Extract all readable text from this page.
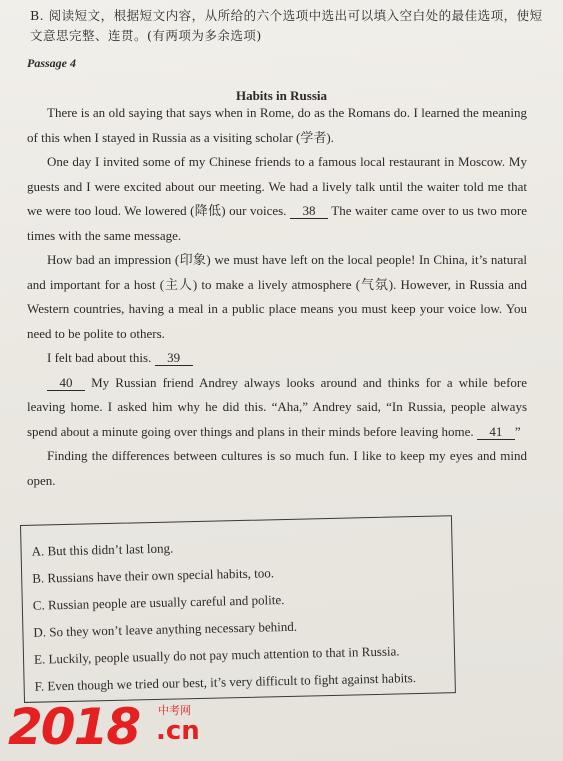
B. 阅读短文，根据短文内容，从所给的六个选项中选出可以填入空白处的最佳选项，使短
文意思完整、连贯。(有两项为多余选项)
Passage 4
Habits in Russia

There is an old saying that says when in Rome, do as the Romans do. I learned the meaning of this when I stayed in Russia as a visiting scholar (学者).

One day I invited some of my Chinese friends to a famous local restaurant in Moscow. My guests and I were excited about our meeting. We had a lively talk until the waiter told me that we were too loud. We lowered (降低) our voices. 38 The waiter came over to us two more times with the same message.

How bad an impression (印象) we must have left on the local people! In China, it’s natural and important for a host (主人) to make a lively atmosphere (气氛). However, in Russia and Western countries, having a meal in a public place means you must keep your voice low. You need to be polite to others.

I felt bad about this. 39

40 My Russian friend Andrey always looks around and thinks for a while before leaving home. I asked him why he did this. “Aha,” Andrey said, “In Russia, people always spend about a minute going over things and plans in their minds before leaving home. 41 ”

Finding the differences between cultures is so much fun. I like to keep my eyes and mind open.

A. But this didn’t last long.
B. Russians have their own special habits, too.
C. Russian people are usually careful and polite.
D. So they won’t leave anything necessary behind.
E. Luckily, people usually do not pay much attention to that in Russia.
F. Even though we tried our best, it’s very difficult to fight against habits.
2018 中考网
.cn
